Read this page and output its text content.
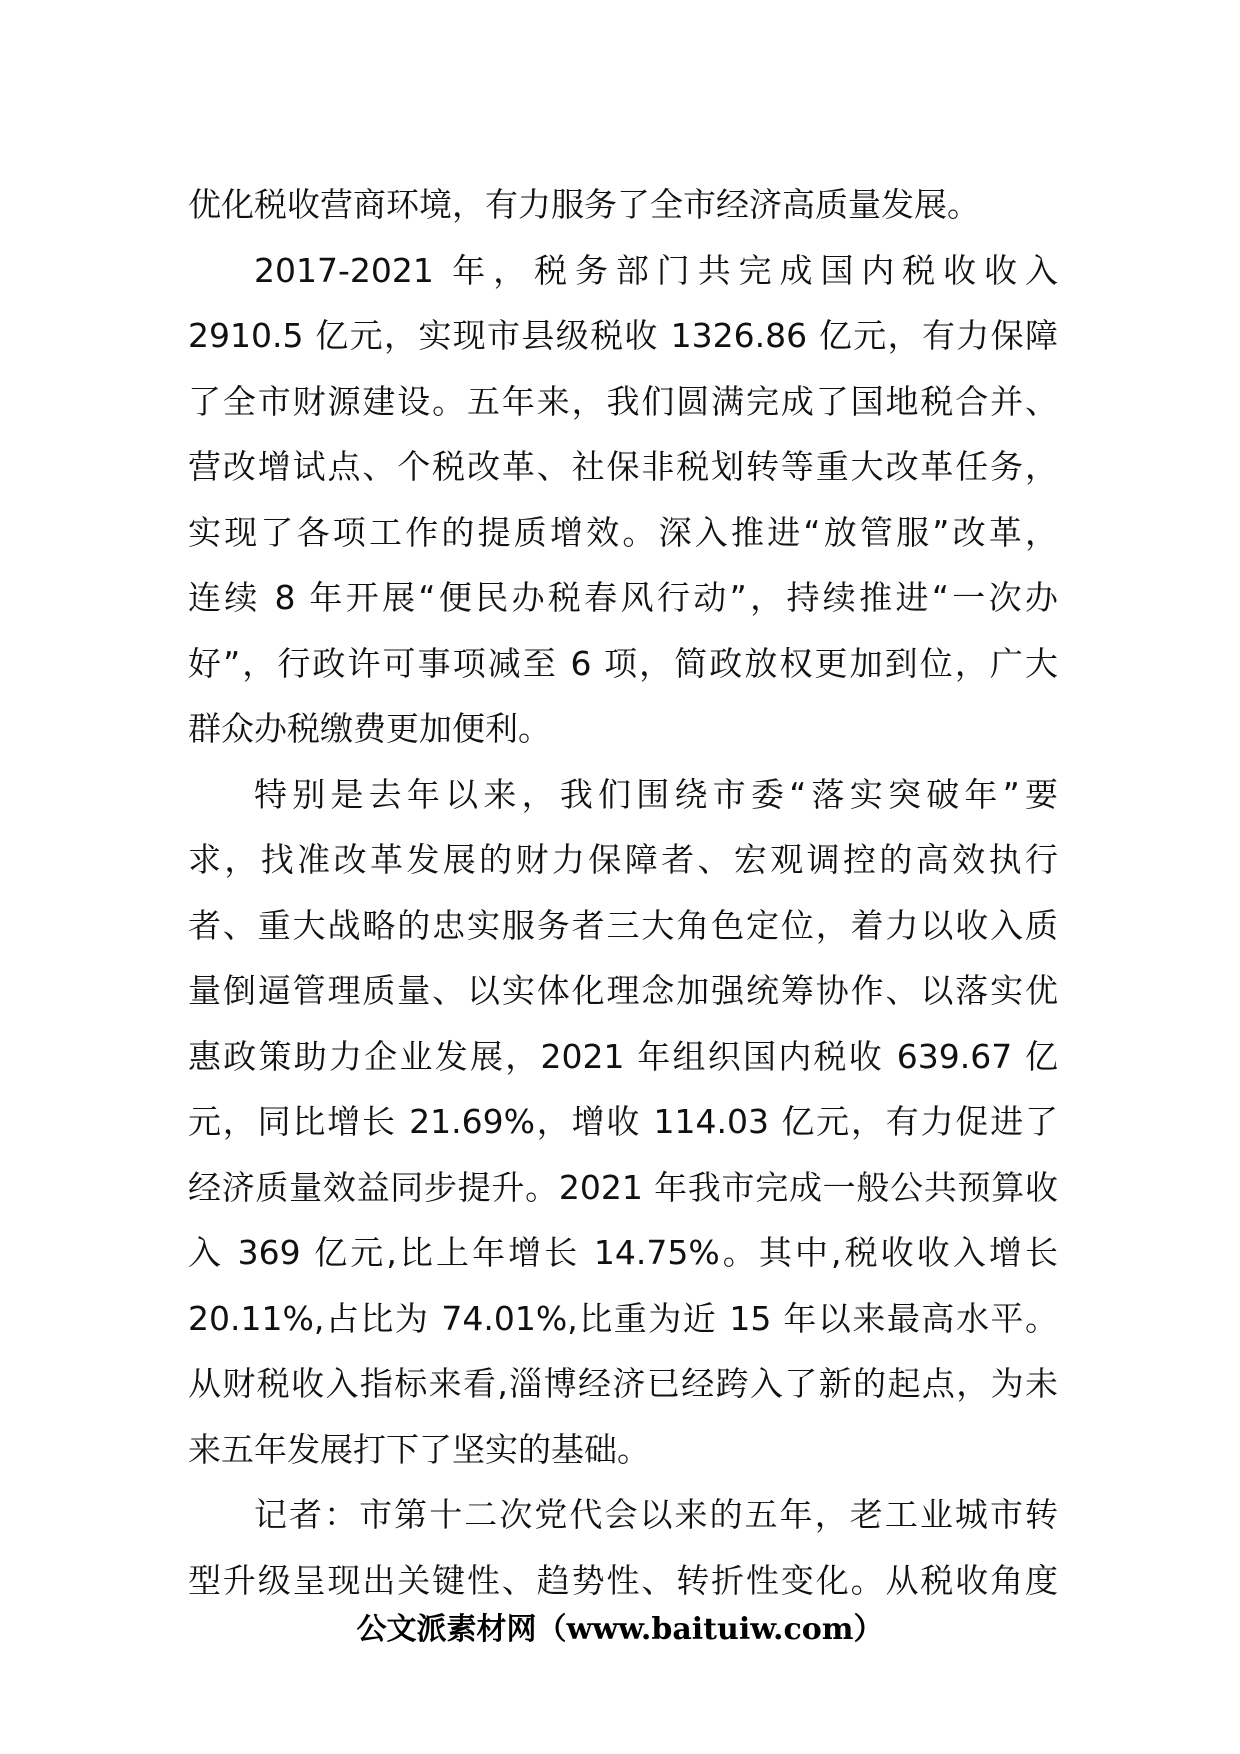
优化税收营商环境，有力服务了全市经济高质量发展。
2017-2021 年，税务部门共完成国内税收收入
2910.5 亿元，实现市县级税收 1326.86 亿元，有力保障
了全市财源建设。五年来，我们圆满完成了国地税合并、
营改增试点、个税改革、社保非税划转等重大改革任务，
实现了各项工作的提质增效。深入推进“放管服”改革，
连续 8 年开展“便民办税春风行动”，持续推进“一次办
好”，行政许可事项减至 6 项，简政放权更加到位，广大
群众办税缴费更加便利。
特别是去年以来，我们围绕市委“落实突破年”要
求，找准改革发展的财力保障者、宏观调控的高效执行
者、重大战略的忠实服务者三大角色定位，着力以收入质
量倒逼管理质量、以实体化理念加强统筹协作、以落实优
惠政策助力企业发展，2021 年组织国内税收 639.67 亿
元，同比增长 21.69%，增收 114.03 亿元，有力促进了
经济质量效益同步提升。2021 年我市完成一般公共预算收
入 369 亿元,比上年增长 14.75%。其中,税收收入增长
20.11%,占比为 74.01%,比重为近 15 年以来最高水平。
从财税收入指标来看,淄博经济已经跨入了新的起点，为未
来五年发展打下了坚实的基础。
记者：市第十二次党代会以来的五年，老工业城市转
型升级呈现出关键性、趋势性、转折性变化。从税收角度
公文派素材网（www.baituiw.com）
